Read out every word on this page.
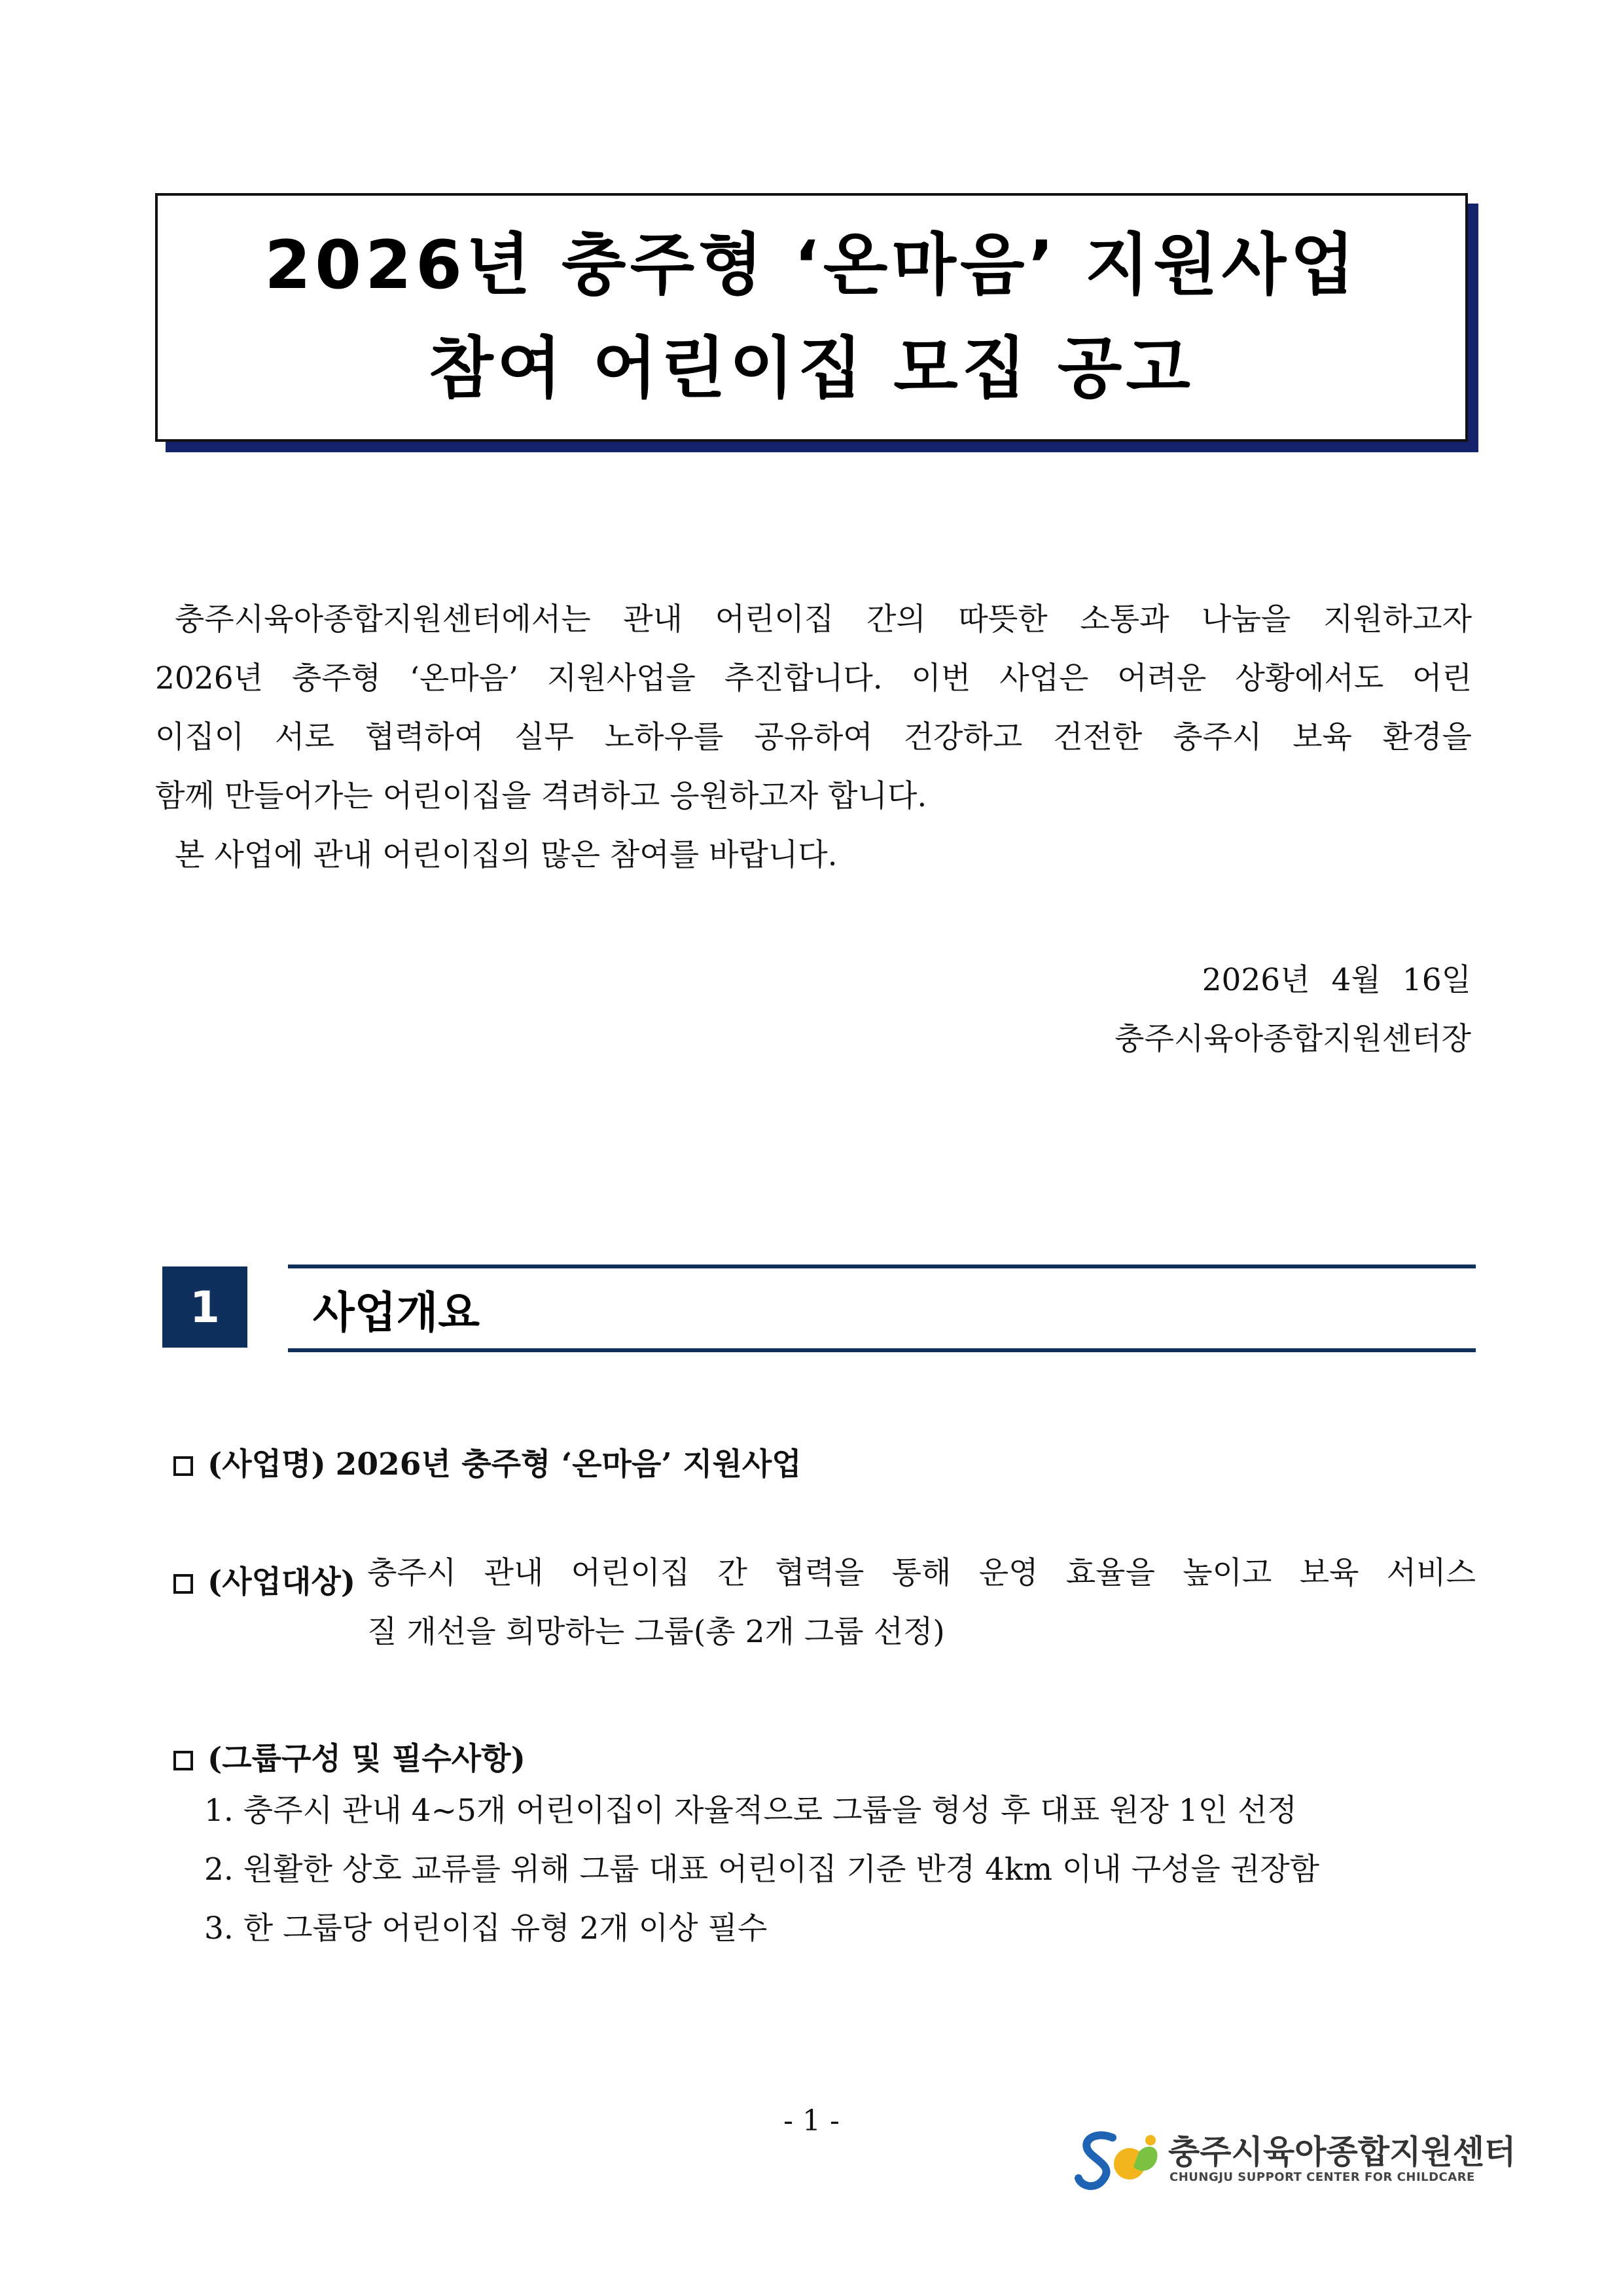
2026년 충주형 ‘온마음’ 지원사업
참여 어린이집 모집 공고

충주시육아종합지원센터에서는 관내 어린이집 간의 따뜻한 소통과 나눔을 지원하고자

2026년 충주형 ‘온마음’ 지원사업을 추진합니다. 이번 사업은 어려운 상황에서도 어린

이집이 서로 협력하여 실무 노하우를 공유하여 건강하고 건전한 충주시 보육 환경을

함께 만들어가는 어린이집을 격려하고 응원하고자 합니다.

본 사업에 관내 어린이집의 많은 참여를 바랍니다.

2026년 4월 16일
충주시육아종합지원센터장
1	사업개요
(사업명) 2026년 충주형 ‘온마음’ 지원사업
(사업대상) 충주시 관내 어린이집 간 협력을 통해 운영 효율을 높이고 보육 서비스
질 개선을 희망하는 그룹(총 2개 그룹 선정)
(그룹구성 및 필수사항)
1. 충주시 관내 4~5개 어린이집이 자율적으로 그룹을 형성 후 대표 원장 1인 선정
2. 원활한 상호 교류를 위해 그룹 대표 어린이집 기준 반경 4km 이내 구성을 권장함
3. 한 그룹당 어린이집 유형 2개 이상 필수
- 1 -
충주시육아종합지원센터
CHUNGJU SUPPORT CENTER FOR CHILDCARE
